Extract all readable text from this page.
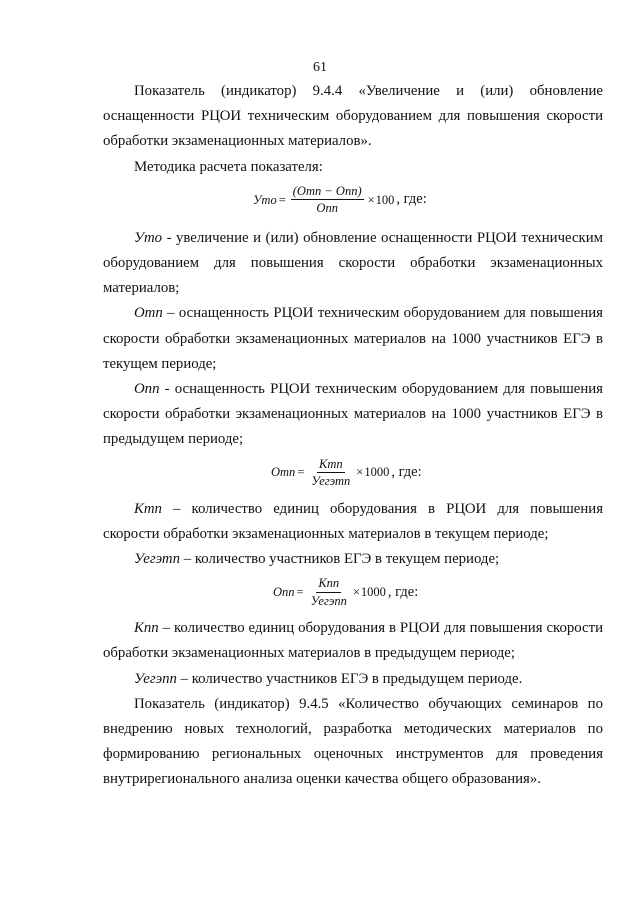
61

Показатель (индикатор) 9.4.4 «Увеличение и (или) обновление оснащенности РЦОИ техническим оборудованием для повышения скорости обработки экзаменационных материалов».

Методика расчета показателя:

Утo = $\frac{\text{(Отп − Опп)}}{\text{Опп}} \times 100$ , где:

Утo - увеличение и (или) обновление оснащенности РЦОИ техническим оборудованием для повышения скорости обработки экзаменационных материалов;

Отп – оснащенность РЦОИ техническим оборудованием для повышения скорости обработки экзаменационных материалов на 1000 участников ЕГЭ в текущем периоде;

Опп - оснащенность РЦОИ техническим оборудованием для повышения скорости обработки экзаменационных материалов на 1000 участников ЕГЭ в предыдущем периоде;

Отп = $\frac{\text{Ктп}}{\text{Уегэтп}} \times 1000$ , где:

Ктп – количество единиц оборудования в РЦОИ для повышения скорости обработки экзаменационных материалов в текущем периоде;

Уегэтп – количество участников ЕГЭ в текущем периоде;

Опп = $\frac{\text{Кпп}}{\text{Уегэпп}} \times 1000$ , где:

Кпп – количество единиц оборудования в РЦОИ для повышения скорости обработки экзаменационных материалов в предыдущем периоде;

Уегэпп – количество участников ЕГЭ в предыдущем периоде.

Показатель (индикатор) 9.4.5 «Количество обучающих семинаров по внедрению новых технологий, разработка методических материалов по формированию региональных оценочных инструментов для проведения внутрирегионального анализа оценки качества общего образования».
